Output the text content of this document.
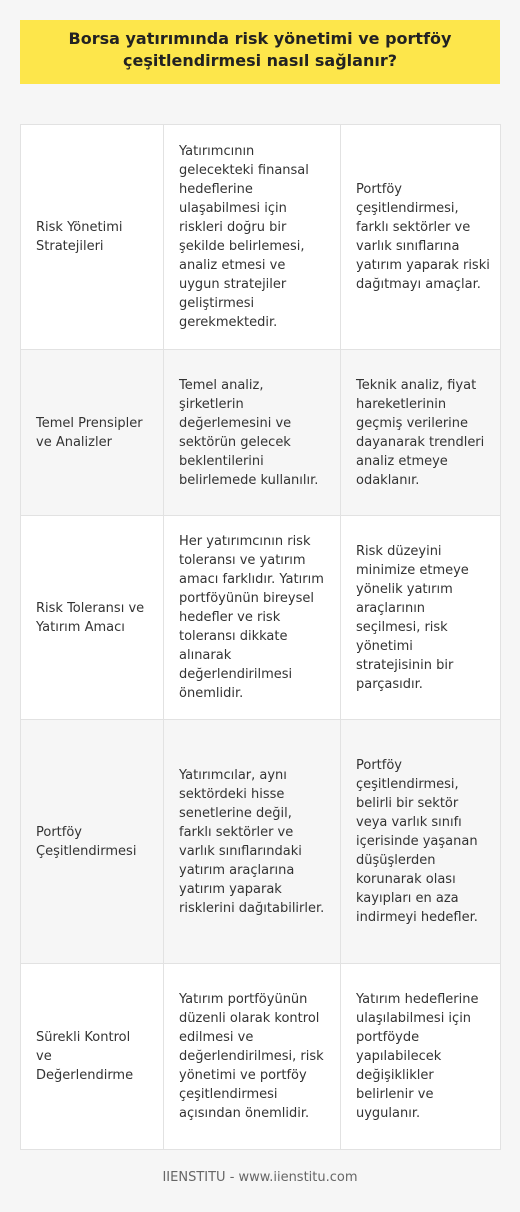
Borsa yatırımında risk yönetimi ve portföy çeşitlendirmesi nasıl sağlanır?
Risk Yönetimi Stratejileri	Yatırımcının gelecekteki finansal hedeflerine ulaşabilmesi için riskleri doğru bir şekilde belirlemesi, analiz etmesi ve uygun stratejiler geliştirmesi gerekmektedir.	Portföy çeşitlendirmesi, farklı sektörler ve varlık sınıflarına yatırım yaparak riski dağıtmayı amaçlar.
Temel Prensipler ve Analizler	Temel analiz, şirketlerin değerlemesini ve sektörün gelecek beklentilerini belirlemede kullanılır.	Teknik analiz, fiyat hareketlerinin geçmiş verilerine dayanarak trendleri analiz etmeye odaklanır.
Risk Toleransı ve Yatırım Amacı	Her yatırımcının risk toleransı ve yatırım amacı farklıdır. Yatırım portföyünün bireysel hedefler ve risk toleransı dikkate alınarak değerlendirilmesi önemlidir.	Risk düzeyini minimize etmeye yönelik yatırım araçlarının seçilmesi, risk yönetimi stratejisinin bir parçasıdır.
Portföy Çeşitlendirmesi	Yatırımcılar, aynı sektördeki hisse senetlerine değil, farklı sektörler ve varlık sınıflarındaki yatırım araçlarına yatırım yaparak risklerini dağıtabilirler.	Portföy çeşitlendirmesi, belirli bir sektör veya varlık sınıfı içerisinde yaşanan düşüşlerden korunarak olası kayıpları en aza indirmeyi hedefler.
Sürekli Kontrol ve Değerlendirme	Yatırım portföyünün düzenli olarak kontrol edilmesi ve değerlendirilmesi, risk yönetimi ve portföy çeşitlendirmesi açısından önemlidir.	Yatırım hedeflerine ulaşılabilmesi için portföyde yapılabilecek değişiklikler belirlenir ve uygulanır.
IIENSTITU - www.iienstitu.com
